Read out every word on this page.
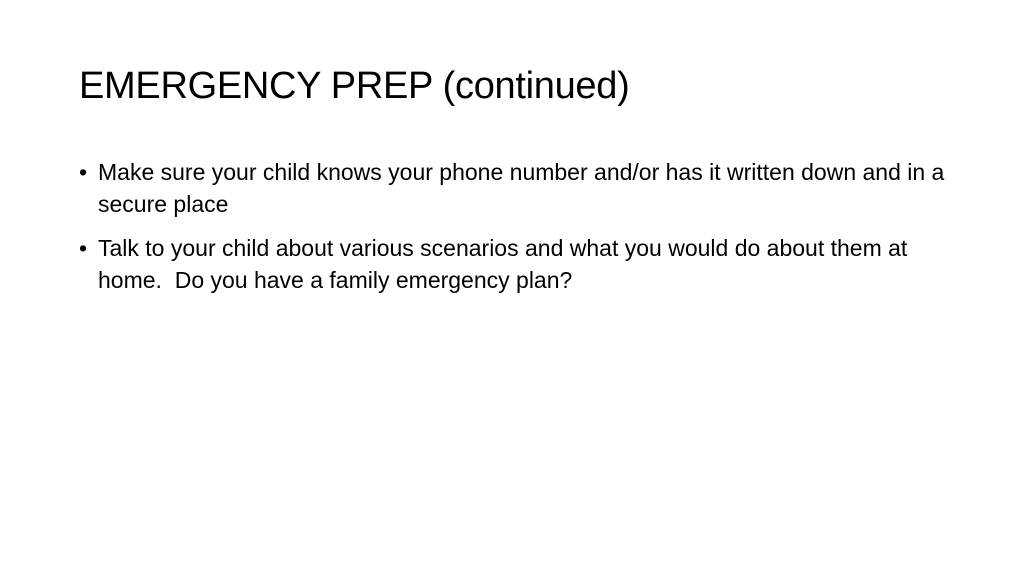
EMERGENCY PREP (continued)
• Make sure your child knows your phone number and/or has it written down and in a secure place
• Talk to your child about various scenarios and what you would do about them at home.  Do you have a family emergency plan?
